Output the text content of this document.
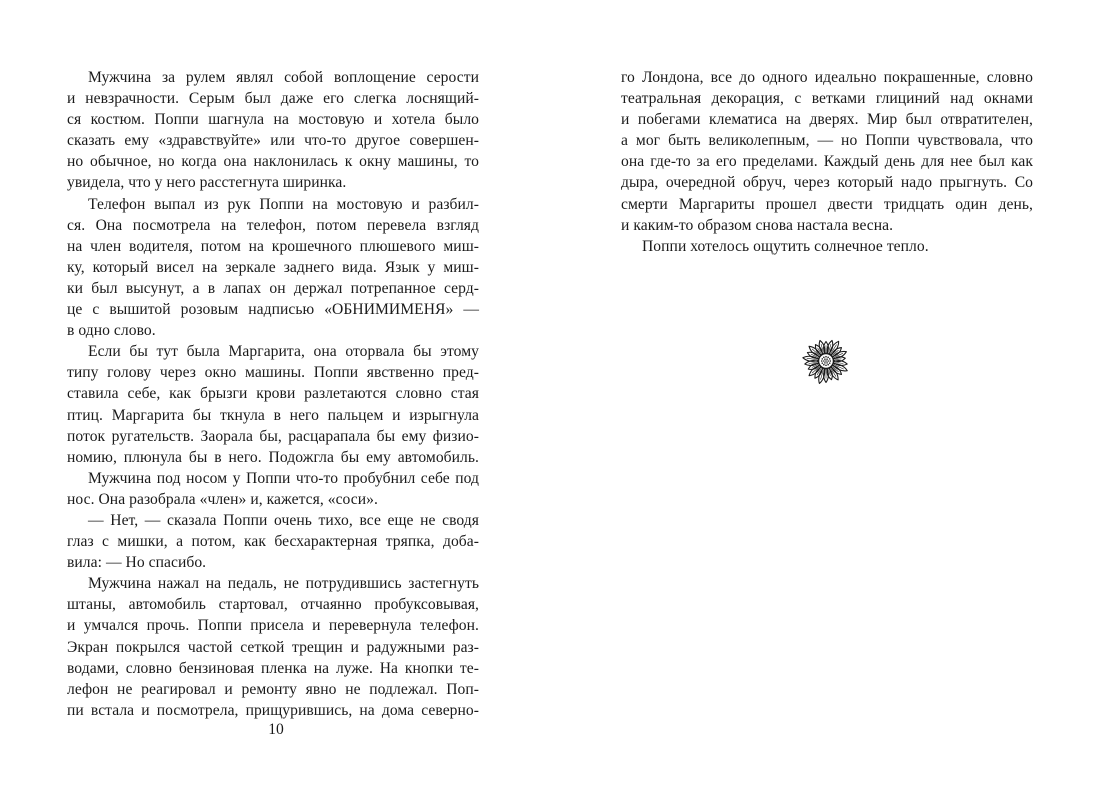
Мужчина за рулем являл собой воплощение серости
и невзрачности. Серым был даже его слегка лоснящий-
ся костюм. Поппи шагнула на мостовую и хотела было
сказать ему «здравствуйте» или что-то другое совершен-
но обычное, но когда она наклонилась к окну машины, то
увидела, что у него расстегнута ширинка.
Телефон выпал из рук Поппи на мостовую и разбил-
ся. Она посмотрела на телефон, потом перевела взгляд
на член водителя, потом на крошечного плюшевого миш-
ку, который висел на зеркале заднего вида. Язык у миш-
ки был высунут, а в лапах он держал потрепанное серд-
це с вышитой розовым надписью «ОБНИМИМЕНЯ» —
в одно слово.
Если бы тут была Маргарита, она оторвала бы этому
типу голову через окно машины. Поппи явственно пред-
ставила себе, как брызги крови разлетаются словно стая
птиц. Маргарита бы ткнула в него пальцем и изрыгнула
поток ругательств. Заорала бы, расцарапала бы ему физио-
номию, плюнула бы в него. Подожгла бы ему автомобиль.
Мужчина под носом у Поппи что-то пробубнил себе под
нос. Она разобрала «член» и, кажется, «соси».
— Нет, — сказала Поппи очень тихо, все еще не сводя
глаз с мишки, а потом, как бесхарактерная тряпка, доба-
вила: — Но спасибо.
Мужчина нажал на педаль, не потрудившись застегнуть
штаны, автомобиль стартовал, отчаянно пробуксовывая,
и умчался прочь. Поппи присела и перевернула телефон.
Экран покрылся частой сеткой трещин и радужными раз-
водами, словно бензиновая пленка на луже. На кнопки те-
лефон не реагировал и ремонту явно не подлежал. Поп-
пи встала и посмотрела, прищурившись, на дома северно-
10
го Лондона, все до одного идеально покрашенные, словно
театральная декорация, с ветками глициний над окнами
и побегами клематиса на дверях. Мир был отвратителен,
а мог быть великолепным, — но Поппи чувствовала, что
она где-то за его пределами. Каждый день для нее был как
дыра, очередной обруч, через который надо прыгнуть. Со
смерти Маргариты прошел двести тридцать один день,
и каким-то образом снова настала весна.
Поппи хотелось ощутить солнечное тепло.
